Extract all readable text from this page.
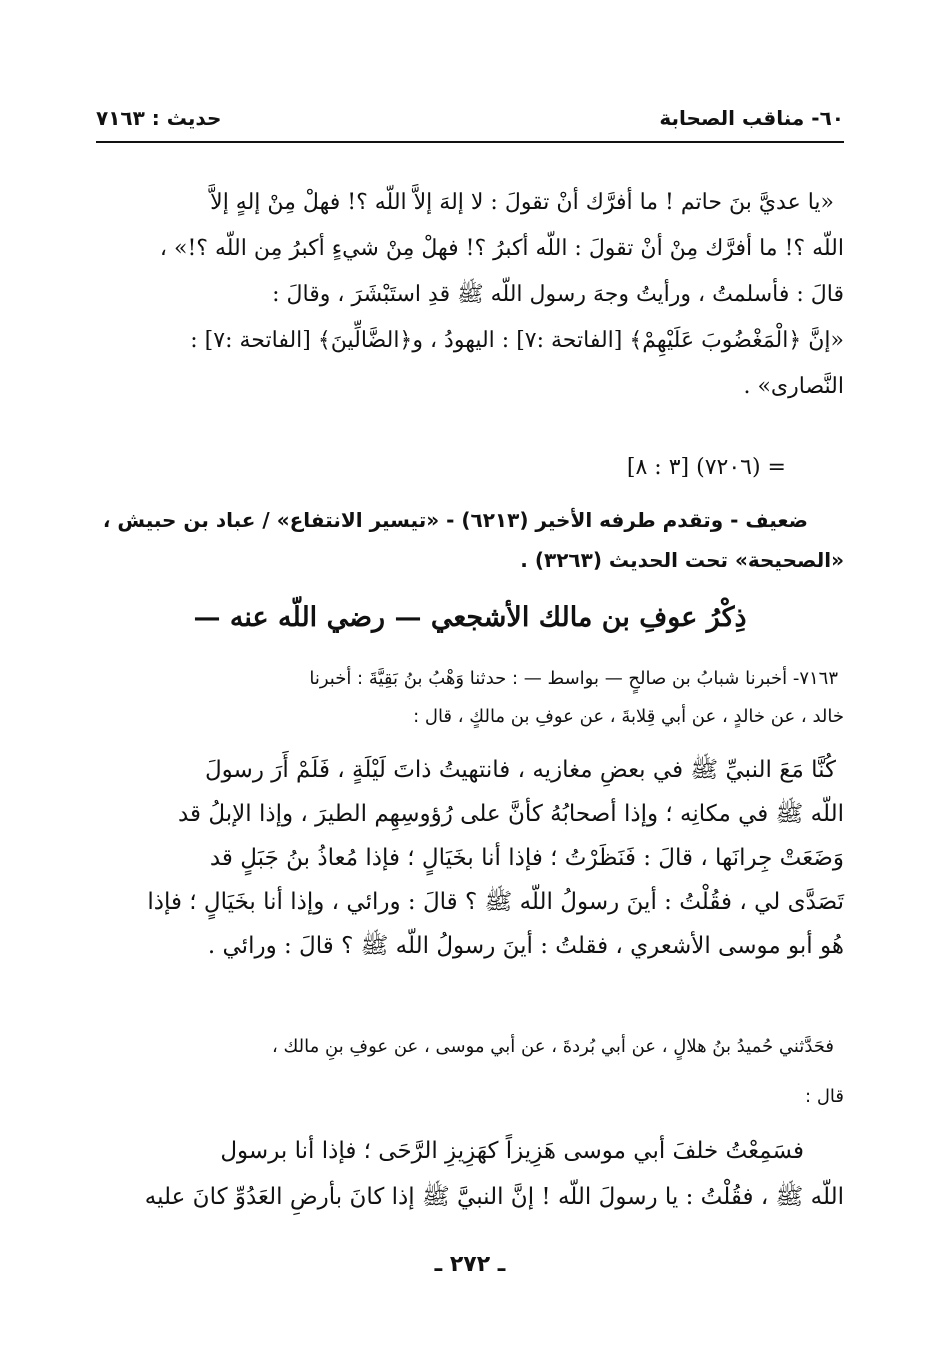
٦٠- مناقب الصحابة
حديث : ٧١٦٣
«يا عديَّ بنَ حاتم ! ما أفرَّك أنْ تقولَ : لا إلهَ إلاَّ اللّه ؟! فهلْ مِنْ إلهٍ إلاَّ
اللّه ؟! ما أفرَّك مِنْ أنْ تقولَ : اللّه أكبرُ ؟! فهلْ مِنْ شيءٍ أكبرُ مِن اللّه ؟!» ،
قالَ : فأسلمتُ ، ورأيتُ وجهَ رسول اللّه ﷺ قدِ استَبْشَرَ ، وقالَ :
«إنَّ ﴿الْمَغْضُوبَ عَلَيْهِمْ﴾ [الفاتحة :٧] : اليهودُ ، و﴿الضَّالِّينَ﴾ [الفاتحة :٧] :
النَّصارى» .
= (٧٢٠٦) [٣ : ٨]
ضعيف - وتقدم طرفه الأخير (٦٢١٣) - «تيسير الانتفاع» / عباد بن حبيش ،
«الصحيحة» تحت الحديث (٣٢٦٣) .
ذِكْرُ عوفِ بن مالك الأشجعي — رضي اللّه عنه —
٧١٦٣- أخبرنا شبابُ بن صالحٍ — بواسط — : حدثنا وَهْبُ بنُ بَقِيَّةَ : أخبرنا
خالد ، عن خالدٍ ، عن أبي قِلابةَ ، عن عوفِ بن مالكٍ ، قال :
كُنَّا مَعَ النبيِّ ﷺ في بعضِ مغازيه ، فانتهيتُ ذاتَ لَيْلَةٍ ، فَلَمْ أَرَ رسولَ
اللّه ﷺ في مكانِه ؛ وإذا أصحابُهُ كأنَّ على رُؤوسِهِم الطيرَ ، وإذا الإبلُ قد
وَضَعَتْ جِرانَها ، قالَ : فَنَظَرْتُ ؛ فإذا أنا بخَيَالٍ ؛ فإذا مُعاذُ بنُ جَبَلٍ قد
تَصَدَّى لي ، فقُلْتُ : أينَ رسولُ اللّه ﷺ ؟ قالَ : ورائي ، وإذا أنا بخَيَالٍ ؛ فإذا
هُو أبو موسى الأشعري ، فقلتُ : أينَ رسولُ اللّه ﷺ ؟ قالَ : ورائي .
فحَدَّثني حُميدُ بنُ هلالٍ ، عن أبي بُردةَ ، عن أبي موسى ، عن عوفِ بنِ مالك ،
قال :
فسَمِعْتُ خلفَ أبي موسى هَزِيزاً كهَزِيزِ الرَّحَى ؛ فإذا أنا برسول
اللّه ﷺ ، فقُلْتُ : يا رسولَ اللّه ! إنَّ النبيَّ ﷺ إذا كانَ بأرضِ العَدُوِّ كانَ عليه
ـ ٢٧٢ ـ
